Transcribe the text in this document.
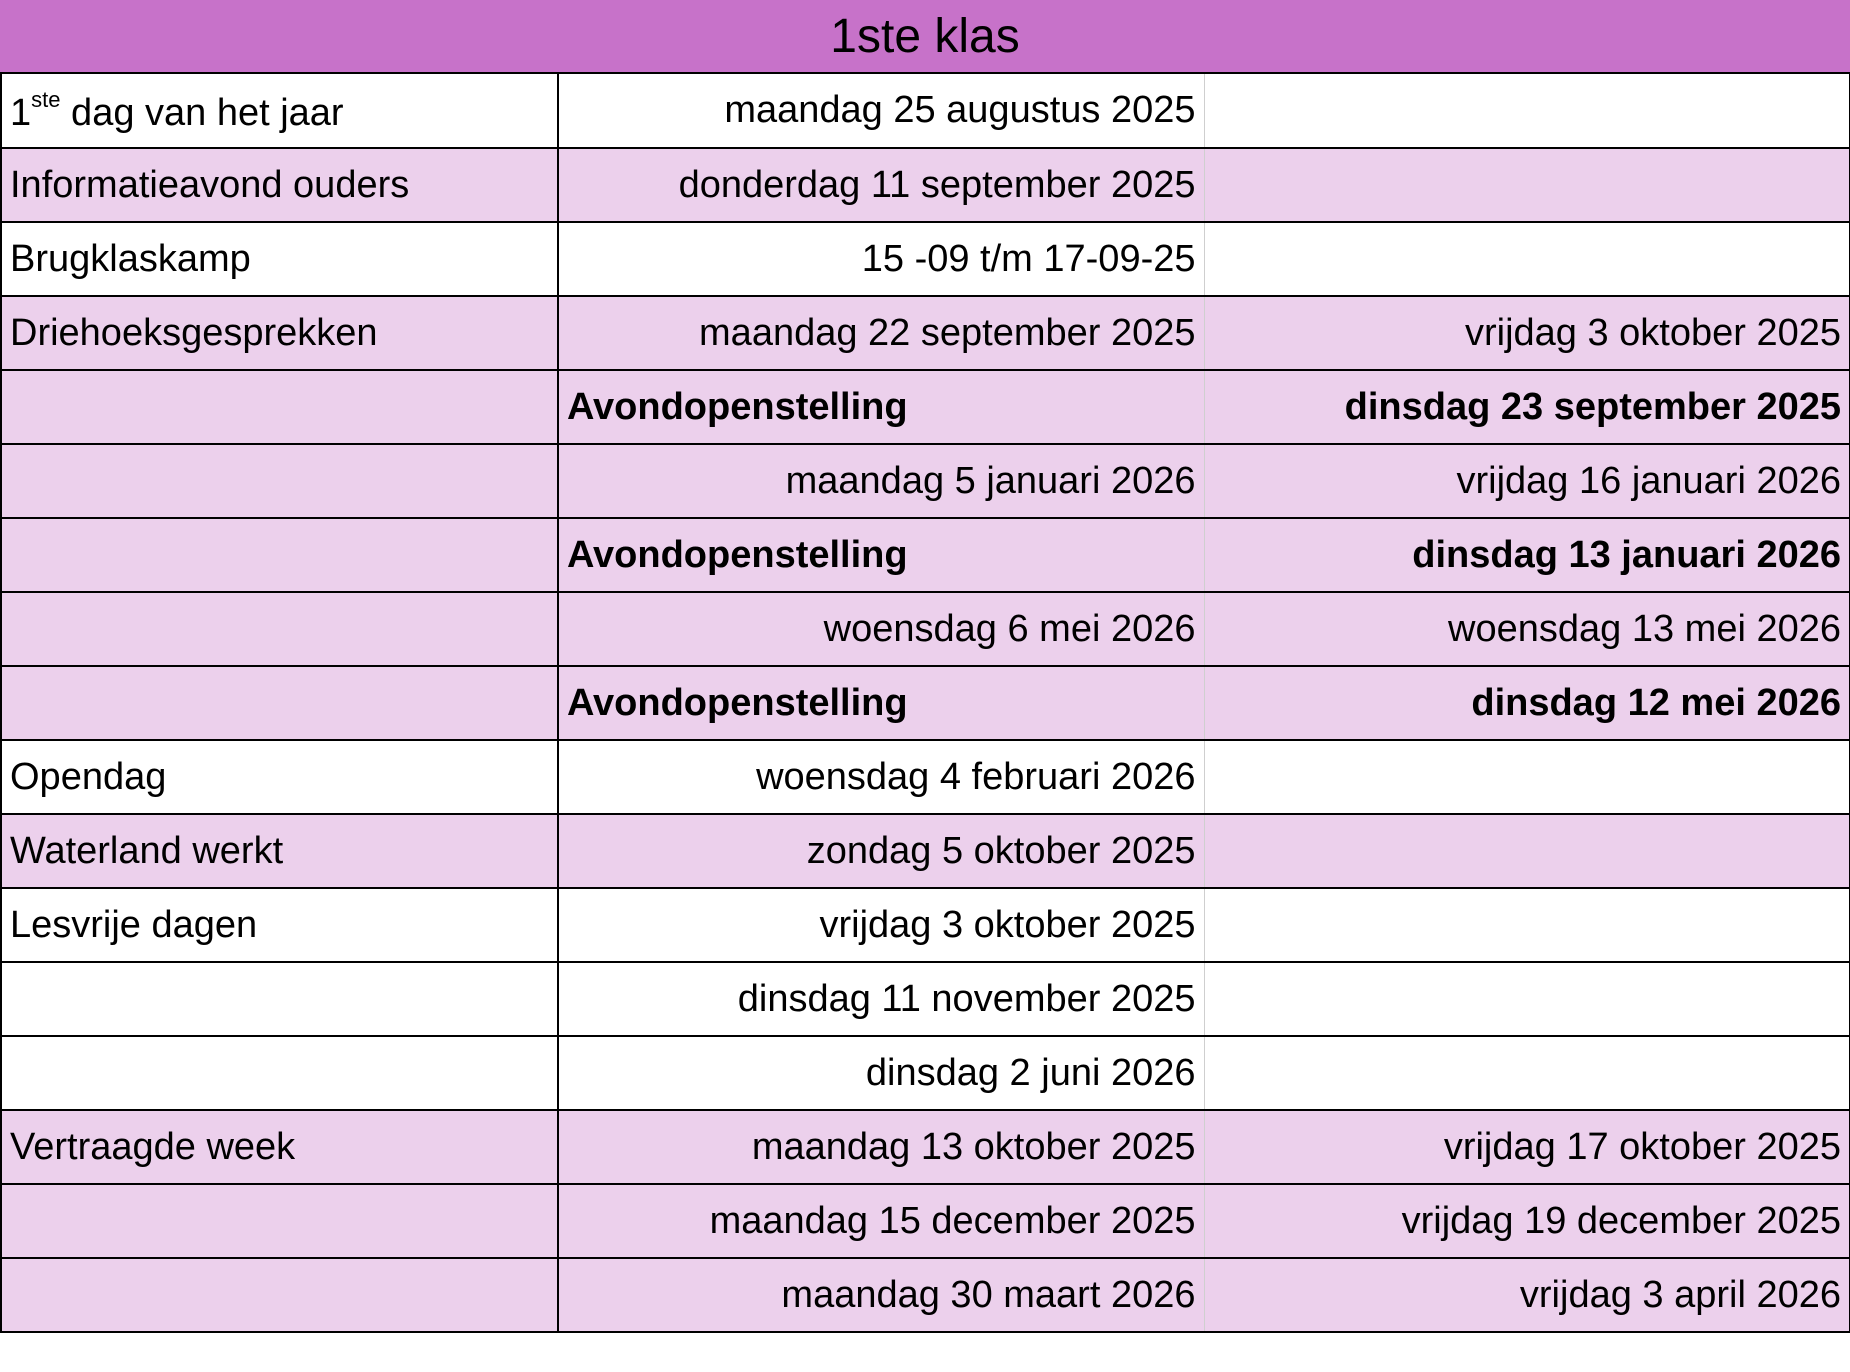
1ste klas
1ste dag van het jaar	maandag 25 augustus 2025	
Informatieavond ouders	donderdag 11 september 2025	
Brugklaskamp	15 -09 t/m 17-09-25	
Driehoeksgesprekken	maandag 22 september 2025	vrijdag 3 oktober 2025
	Avondopenstelling	dinsdag 23 september 2025
	maandag 5 januari 2026	vrijdag 16 januari 2026
	Avondopenstelling	dinsdag 13 januari 2026
	woensdag 6 mei 2026	woensdag 13 mei 2026
	Avondopenstelling	dinsdag 12 mei 2026
Opendag	woensdag 4 februari 2026	
Waterland werkt	zondag 5 oktober 2025	
Lesvrije dagen	vrijdag 3 oktober 2025	
	dinsdag 11 november 2025	
	dinsdag 2 juni 2026	
Vertraagde week	maandag 13 oktober 2025	vrijdag 17 oktober 2025
	maandag 15 december 2025	vrijdag 19 december 2025
	maandag 30 maart 2026	vrijdag 3 april 2026
